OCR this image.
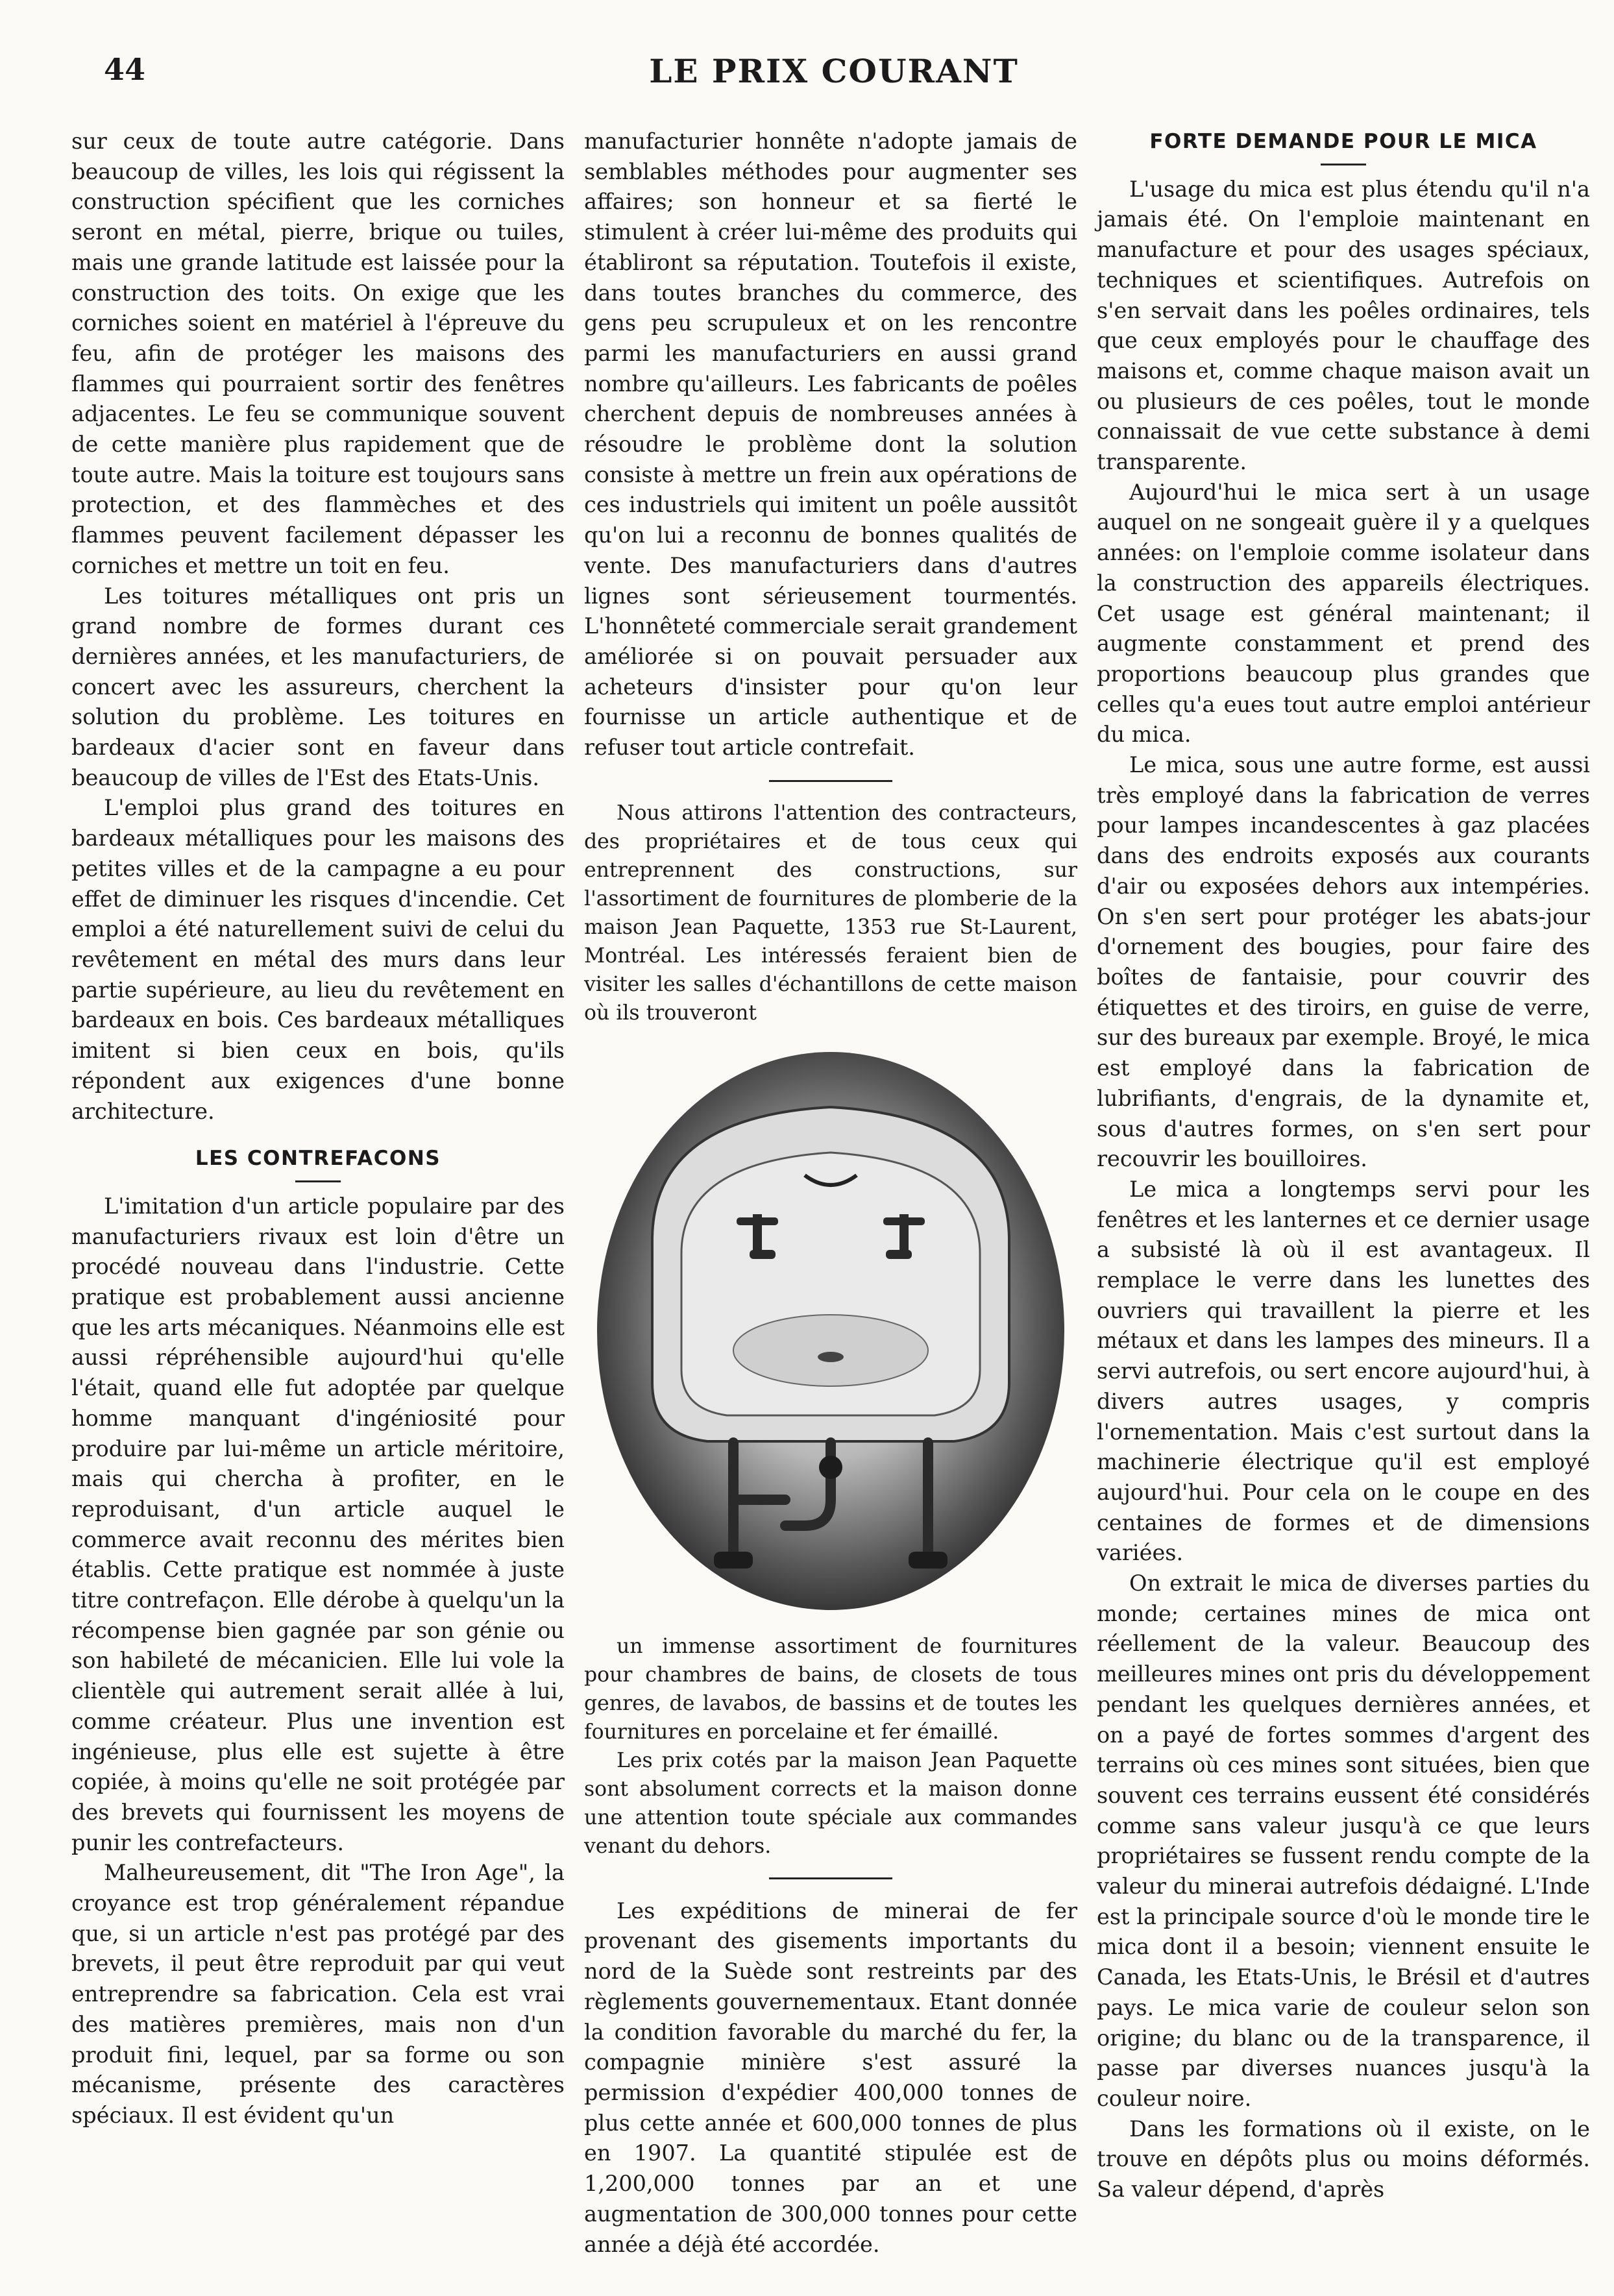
44	LE PRIX COURANT

sur ceux de toute autre catégorie. Dans beaucoup de villes, les lois qui régissent la construction spécifient que les corniches seront en métal, pierre, brique ou tuiles, mais une grande latitude est laissée pour la construction des toits. On exige que les corniches soient en matériel à l'épreuve du feu, afin de protéger les maisons des flammes qui pourraient sortir des fenêtres adjacentes. Le feu se communique souvent de cette manière plus rapidement que de toute autre. Mais la toiture est toujours sans protection, et des flammèches et des flammes peuvent facilement dépasser les corniches et mettre un toit en feu.

Les toitures métalliques ont pris un grand nombre de formes durant ces dernières années, et les manufacturiers, de concert avec les assureurs, cherchent la solution du problème. Les toitures en bardeaux d'acier sont en faveur dans beaucoup de villes de l'Est des Etats-Unis.

L'emploi plus grand des toitures en bardeaux métalliques pour les maisons des petites villes et de la campagne a eu pour effet de diminuer les risques d'incendie. Cet emploi a été naturellement suivi de celui du revêtement en métal des murs dans leur partie supérieure, au lieu du revêtement en bardeaux en bois. Ces bardeaux métalliques imitent si bien ceux en bois, qu'ils répondent aux exigences d'une bonne architecture.

LES CONTREFACONS

L'imitation d'un article populaire par des manufacturiers rivaux est loin d'être un procédé nouveau dans l'industrie. Cette pratique est probablement aussi ancienne que les arts mécaniques. Néanmoins elle est aussi répréhensible aujourd'hui qu'elle l'était, quand elle fut adoptée par quelque homme manquant d'ingéniosité pour produire par lui-même un article méritoire, mais qui chercha à profiter, en le reproduisant, d'un article auquel le commerce avait reconnu des mérites bien établis. Cette pratique est nommée à juste titre contrefaçon. Elle dérobe à quelqu'un la récompense bien gagnée par son génie ou son habileté de mécanicien. Elle lui vole la clientèle qui autrement serait allée à lui, comme créateur. Plus une invention est ingénieuse, plus elle est sujette à être copiée, à moins qu'elle ne soit protégée par des brevets qui fournissent les moyens de punir les contrefacteurs.

Malheureusement, dit "The Iron Age", la croyance est trop généralement répandue que, si un article n'est pas protégé par des brevets, il peut être reproduit par qui veut entreprendre sa fabrication. Cela est vrai des matières premières, mais non d'un produit fini, lequel, par sa forme ou son mécanisme, présente des caractères spéciaux. Il est évident qu'un

manufacturier honnête n'adopte jamais de semblables méthodes pour augmenter ses affaires; son honneur et sa fierté le stimulent à créer lui-même des produits qui établiront sa réputation. Toutefois il existe, dans toutes branches du commerce, des gens peu scrupuleux et on les rencontre parmi les manufacturiers en aussi grand nombre qu'ailleurs. Les fabricants de poêles cherchent depuis de nombreuses années à résoudre le problème dont la solution consiste à mettre un frein aux opérations de ces industriels qui imitent un poêle aussitôt qu'on lui a reconnu de bonnes qualités de vente. Des manufacturiers dans d'autres lignes sont sérieusement tourmentés. L'honnêteté commerciale serait grandement améliorée si on pouvait persuader aux acheteurs d'insister pour qu'on leur fournisse un article authentique et de refuser tout article contrefait.

Nous attirons l'attention des contracteurs, des propriétaires et de tous ceux qui entreprennent des constructions, sur l'assortiment de fournitures de plomberie de la maison Jean Paquette, 1353 rue St-Laurent, Montréal. Les intéressés feraient bien de visiter les salles d'échantillons de cette maison où ils trouveront

un immense assortiment de fournitures pour chambres de bains, de closets de tous genres, de lavabos, de bassins et de toutes les fournitures en porcelaine et fer émaillé.

Les prix cotés par la maison Jean Paquette sont absolument corrects et la maison donne une attention toute spéciale aux commandes venant du dehors.

Les expéditions de minerai de fer provenant des gisements importants du nord de la Suède sont restreints par des règlements gouvernementaux. Etant donnée la condition favorable du marché du fer, la compagnie minière s'est assuré la permission d'expédier 400,000 tonnes de plus cette année et 600,000 tonnes de plus en 1907. La quantité stipulée est de 1,200,000 tonnes par an et une augmentation de 300,000 tonnes pour cette année a déjà été accordée.

FORTE DEMANDE POUR LE MICA

L'usage du mica est plus étendu qu'il n'a jamais été. On l'emploie maintenant en manufacture et pour des usages spéciaux, techniques et scientifiques. Autrefois on s'en servait dans les poêles ordinaires, tels que ceux employés pour le chauffage des maisons et, comme chaque maison avait un ou plusieurs de ces poêles, tout le monde connaissait de vue cette substance à demi transparente.

Aujourd'hui le mica sert à un usage auquel on ne songeait guère il y a quelques années: on l'emploie comme isolateur dans la construction des appareils électriques. Cet usage est général maintenant; il augmente constamment et prend des proportions beaucoup plus grandes que celles qu'a eues tout autre emploi antérieur du mica.

Le mica, sous une autre forme, est aussi très employé dans la fabrication de verres pour lampes incandescentes à gaz placées dans des endroits exposés aux courants d'air ou exposées dehors aux intempéries. On s'en sert pour protéger les abats-jour d'ornement des bougies, pour faire des boîtes de fantaisie, pour couvrir des étiquettes et des tiroirs, en guise de verre, sur des bureaux par exemple. Broyé, le mica est employé dans la fabrication de lubrifiants, d'engrais, de la dynamite et, sous d'autres formes, on s'en sert pour recouvrir les bouilloires.

Le mica a longtemps servi pour les fenêtres et les lanternes et ce dernier usage a subsisté là où il est avantageux. Il remplace le verre dans les lunettes des ouvriers qui travaillent la pierre et les métaux et dans les lampes des mineurs. Il a servi autrefois, ou sert encore aujourd'hui, à divers autres usages, y compris l'ornementation. Mais c'est surtout dans la machinerie électrique qu'il est employé aujourd'hui. Pour cela on le coupe en des centaines de formes et de dimensions variées.

On extrait le mica de diverses parties du monde; certaines mines de mica ont réellement de la valeur. Beaucoup des meilleures mines ont pris du développement pendant les quelques dernières années, et on a payé de fortes sommes d'argent des terrains où ces mines sont situées, bien que souvent ces terrains eussent été considérés comme sans valeur jusqu'à ce que leurs propriétaires se fussent rendu compte de la valeur du minerai autrefois dédaigné. L'Inde est la principale source d'où le monde tire le mica dont il a besoin; viennent ensuite le Canada, les Etats-Unis, le Brésil et d'autres pays. Le mica varie de couleur selon son origine; du blanc ou de la transparence, il passe par diverses nuances jusqu'à la couleur noire.

Dans les formations où il existe, on le trouve en dépôts plus ou moins déformés. Sa valeur dépend, d'après
